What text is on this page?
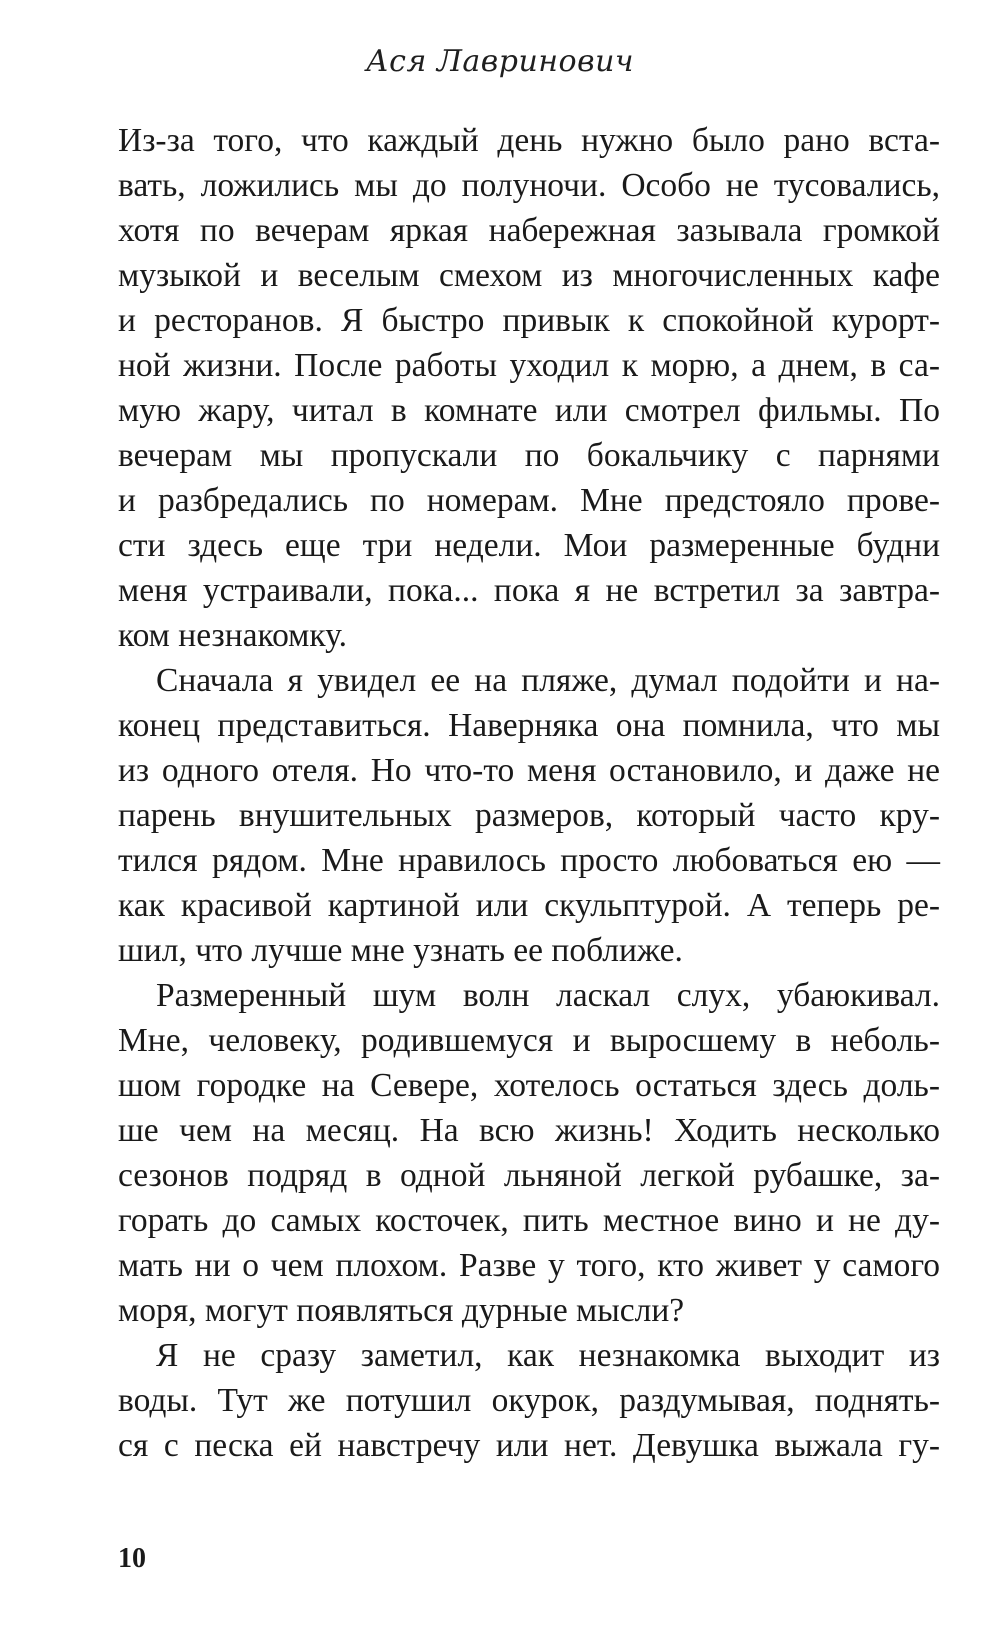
Ася Лавринович

Из-за того, что каждый день нужно было рано вста-
вать, ложились мы до полуночи. Особо не тусовались,
хотя по вечерам яркая набережная зазывала громкой
музыкой и веселым смехом из многочисленных кафе
и ресторанов. Я быстро привык к спокойной курорт-
ной жизни. После работы уходил к морю, а днем, в са-
мую жару, читал в комнате или смотрел фильмы. По
вечерам мы пропускали по бокальчику с парнями
и разбредались по номерам. Мне предстояло прове-
сти здесь еще три недели. Мои размеренные будни
меня устраивали, пока... пока я не встретил за завтра-
ком незнакомку.

Сначала я увидел ее на пляже, думал подойти и на-
конец представиться. Наверняка она помнила, что мы
из одного отеля. Но что-то меня остановило, и даже не
парень внушительных размеров, который часто кру-
тился рядом. Мне нравилось просто любоваться ею —
как красивой картиной или скульптурой. А теперь ре-
шил, что лучше мне узнать ее поближе.

Размеренный шум волн ласкал слух, убаюкивал.
Мне, человеку, родившемуся и выросшему в неболь-
шом городке на Севере, хотелось остаться здесь доль-
ше чем на месяц. На всю жизнь! Ходить несколько
сезонов подряд в одной льняной легкой рубашке, за-
горать до самых косточек, пить местное вино и не ду-
мать ни о чем плохом. Разве у того, кто живет у самого
моря, могут появляться дурные мысли?

Я не сразу заметил, как незнакомка выходит из
воды. Тут же потушил окурок, раздумывая, поднять-
ся с песка ей навстречу или нет. Девушка выжала гу-

10
